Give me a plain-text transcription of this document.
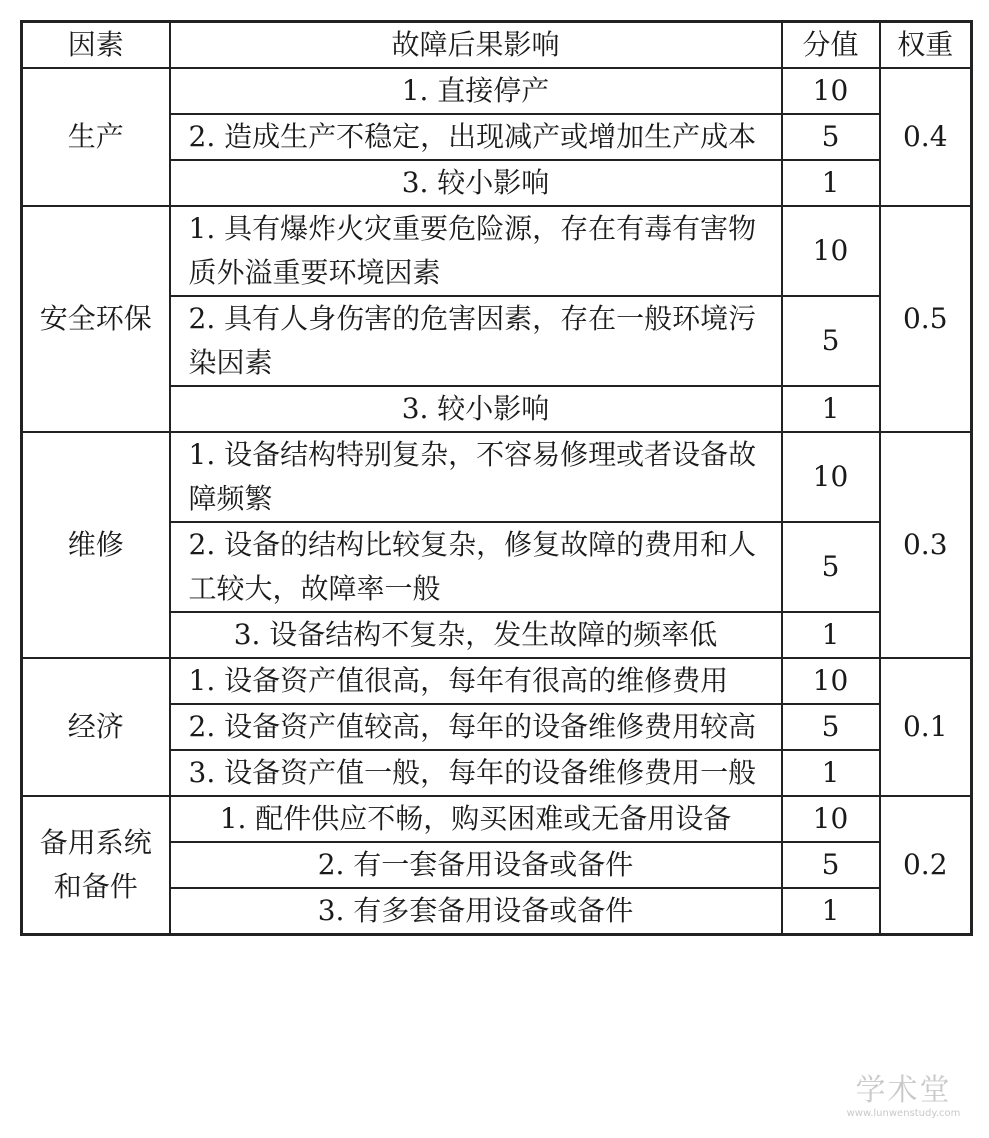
因素	故障后果影响	分值	权重
生产	1. 直接停产	10	0.4
	2. 造成生产不稳定，出现减产或增加生产成本	5	
	3. 较小影响	1	
安全环保	1. 具有爆炸火灾重要危险源，存在有毒有害物质外溢重要环境因素	10	0.5
	2. 具有人身伤害的危害因素，存在一般环境污染因素	5	
	3. 较小影响	1	
维修	1. 设备结构特别复杂，不容易修理或者设备故障频繁	10	0.3
	2. 设备的结构比较复杂，修复故障的费用和人工较大，故障率一般	5	
	3. 设备结构不复杂，发生故障的频率低	1	
经济	1. 设备资产值很高，每年有很高的维修费用	10	0.1
	2. 设备资产值较高，每年的设备维修费用较高	5	
	3. 设备资产值一般，每年的设备维修费用一般	1	
备用系统和备件	1. 配件供应不畅，购买困难或无备用设备	10	0.2
	2. 有一套备用设备或备件	5	
	3. 有多套备用设备或备件	1	
学术堂
www.lunwenstudy.com
